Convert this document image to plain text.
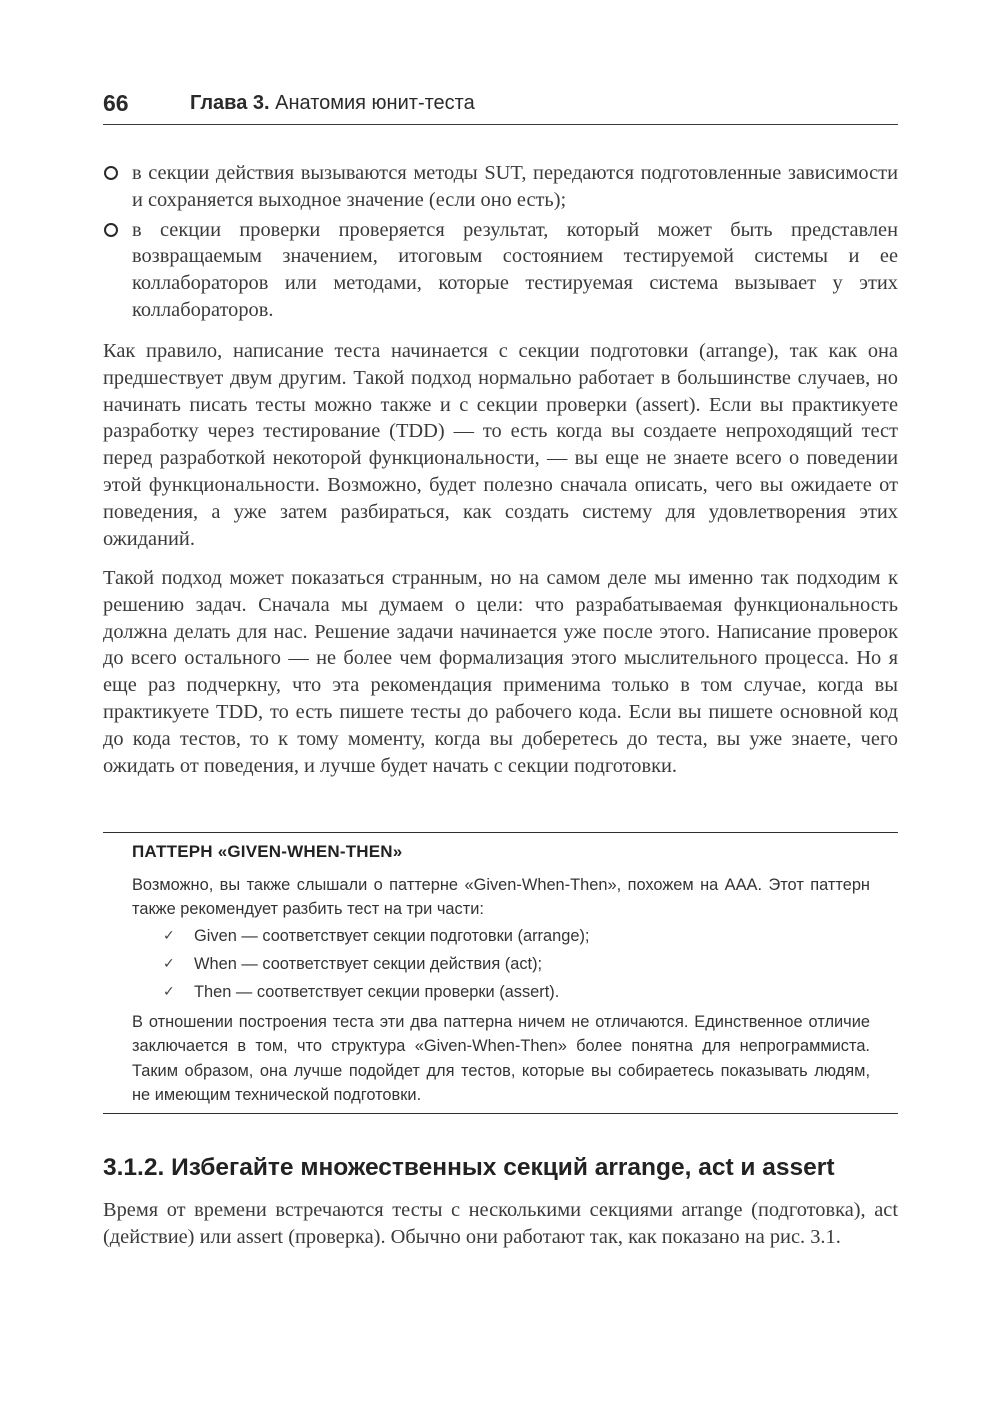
66	Глава 3. Анатомия юнит-теста
в секции действия вызываются методы SUT, передаются подготовленные зависимости и сохраняется выходное значение (если оно есть);
в секции проверки проверяется результат, который может быть представлен возвращаемым значением, итоговым состоянием тестируемой системы и ее коллабораторов или методами, которые тестируемая система вызывает у этих коллабораторов.
Как правило, написание теста начинается с секции подготовки (arrange), так как она предшествует двум другим. Такой подход нормально работает в большинстве случаев, но начинать писать тесты можно также и с секции проверки (assert). Если вы практикуете разработку через тестирование (TDD) — то есть когда вы создаете непроходящий тест перед разработкой некоторой функциональности, — вы еще не знаете всего о поведении этой функциональности. Возможно, будет полезно сначала описать, чего вы ожидаете от поведения, а уже затем разбираться, как создать систему для удовлетворения этих ожиданий.
Такой подход может показаться странным, но на самом деле мы именно так подходим к решению задач. Сначала мы думаем о цели: что разрабатываемая функциональность должна делать для нас. Решение задачи начинается уже после этого. Написание проверок до всего остального — не более чем формализация этого мыслительного процесса. Но я еще раз подчеркну, что эта рекомендация применима только в том случае, когда вы практикуете TDD, то есть пишете тесты до рабочего кода. Если вы пишете основной код до кода тестов, то к тому моменту, когда вы доберетесь до теста, вы уже знаете, чего ожидать от поведения, и лучше будет начать с секции подготовки.
ПАТТЕРН «GIVEN-WHEN-THEN»

Возможно, вы также слышали о паттерне «Given-When-Then», похожем на AAA. Этот паттерн также рекомендует разбить тест на три части:

✓ Given — соответствует секции подготовки (arrange);
✓ When — соответствует секции действия (act);
✓ Then — соответствует секции проверки (assert).

В отношении построения теста эти два паттерна ничем не отличаются. Единственное отличие заключается в том, что структура «Given-When-Then» более понятна для непрограммиста. Таким образом, она лучше подойдет для тестов, которые вы собираетесь показывать людям, не имеющим технической подготовки.

3.1.2. Избегайте множественных секций arrange, act и assert
Время от времени встречаются тесты с несколькими секциями arrange (подготовка), act (действие) или assert (проверка). Обычно они работают так, как показано на рис. 3.1.
